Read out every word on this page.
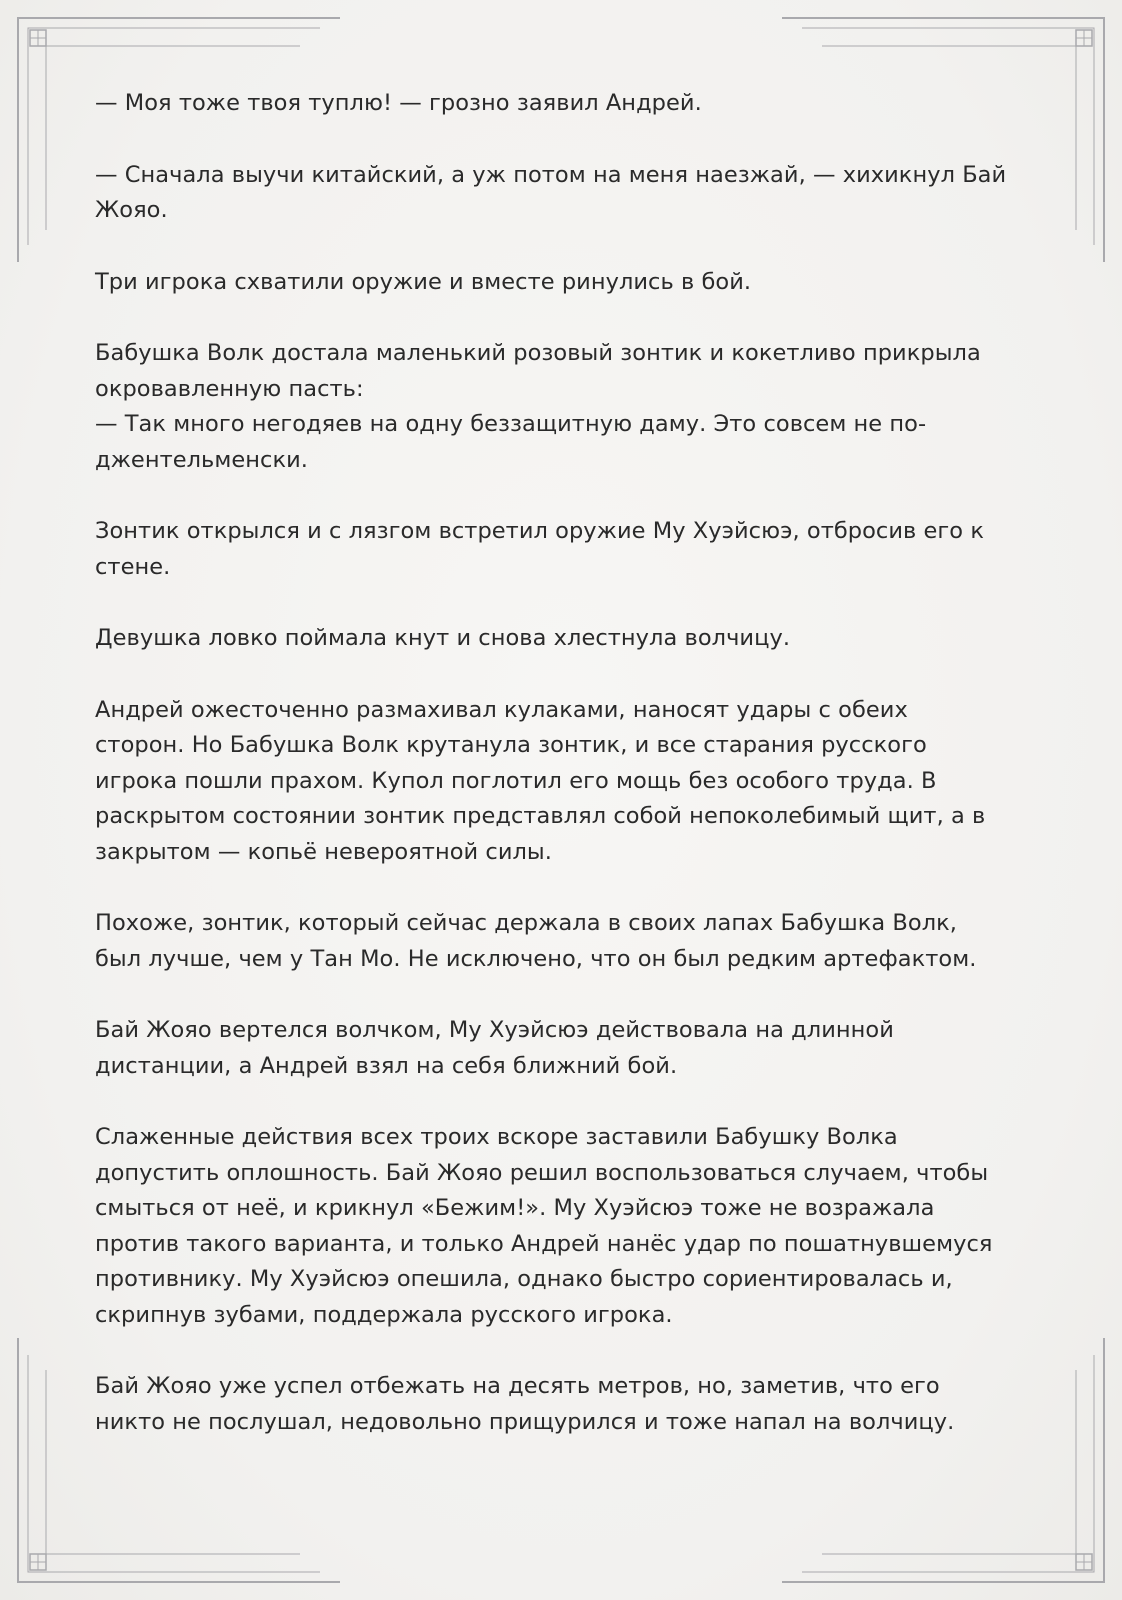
— Моя тоже твоя туплю! — грозно заявил Андрей.

— Сначала выучи китайский, а уж потом на меня наезжай, — хихикнул Бай
Жояо.

Три игрока схватили оружие и вместе ринулись в бой.

Бабушка Волк достала маленький розовый зонтик и кокетливо прикрыла
окровавленную пасть:
— Так много негодяев на одну беззащитную даму. Это совсем не по-
джентельменски.

Зонтик открылся и с лязгом встретил оружие Му Хуэйсюэ, отбросив его к
стене.

Девушка ловко поймала кнут и снова хлестнула волчицу.

Андрей ожесточенно размахивал кулаками, наносят удары с обеих
сторон. Но Бабушка Волк крутанула зонтик, и все старания русского
игрока пошли прахом. Купол поглотил его мощь без особого труда. В
раскрытом состоянии зонтик представлял собой непоколебимый щит, а в
закрытом — копьё невероятной силы.

Похоже, зонтик, который сейчас держала в своих лапах Бабушка Волк,
был лучше, чем у Тан Мо. Не исключено, что он был редким артефактом.

Бай Жояо вертелся волчком, Му Хуэйсюэ действовала на длинной
дистанции, а Андрей взял на себя ближний бой.

Слаженные действия всех троих вскоре заставили Бабушку Волка
допустить оплошность. Бай Жояо решил воспользоваться случаем, чтобы
смыться от неё, и крикнул «Бежим!». Му Хуэйсюэ тоже не возражала
против такого варианта, и только Андрей нанёс удар по пошатнувшемуся
противнику. Му Хуэйсюэ опешила, однако быстро сориентировалась и,
скрипнув зубами, поддержала русского игрока.

Бай Жояо уже успел отбежать на десять метров, но, заметив, что его
никто не послушал, недовольно прищурился и тоже напал на волчицу.
